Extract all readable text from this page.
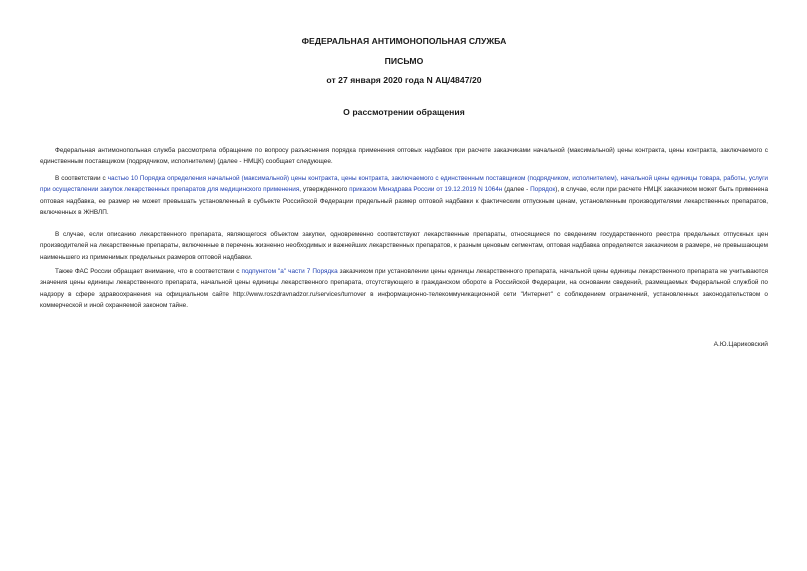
ФЕДЕРАЛЬНАЯ АНТИМОНОПОЛЬНАЯ СЛУЖБА
ПИСЬМО
от 27 января 2020 года N АЦ/4847/20
О рассмотрении обращения
Федеральная антимонопольная служба рассмотрела обращение по вопросу разъяснения порядка применения оптовых надбавок при расчете заказчиками начальной (максимальной) цены контракта, цены контракта, заключаемого с единственным поставщиком (подрядчиком, исполнителем) (далее - НМЦК) сообщает следующее.
В соответствии с частью 10 Порядка определения начальной (максимальной) цены контракта, цены контракта, заключаемого с единственным поставщиком (подрядчиком, исполнителем), начальной цены единицы товара, работы, услуги при осуществлении закупок лекарственных препаратов для медицинского применения, утвержденного приказом Минздрава России от 19.12.2019 N 1064н (далее - Порядок), в случае, если при расчете НМЦК заказчиком может быть применена оптовая надбавка, ее размер не может превышать установленный в субъекте Российской Федерации предельный размер оптовой надбавки к фактическим отпускным ценам, установленным производителями лекарственных препаратов, включенных в ЖНВЛП.
В случае, если описанию лекарственного препарата, являющегося объектом закупки, одновременно соответствуют лекарственные препараты, относящиеся по сведениям государственного реестра предельных отпускных цен производителей на лекарственные препараты, включенные в перечень жизненно необходимых и важнейших лекарственных препаратов, к разным ценовым сегментам, оптовая надбавка определяется заказчиком в размере, не превышающем наименьшего из применимых предельных размеров оптовой надбавки.
Также ФАС России обращает внимание, что в соответствии с подпунктом "а" части 7 Порядка заказчиком при установлении цены единицы лекарственного препарата, начальной цены единицы лекарственного препарата не учитываются значения цены единицы лекарственного препарата, начальной цены единицы лекарственного препарата, отсутствующего в гражданском обороте в Российской Федерации, на основании сведений, размещаемых Федеральной службой по надзору в сфере здравоохранения на официальном сайте http://www.roszdravnadzor.ru/services/turnover в информационно-телекоммуникационной сети "Интернет" с соблюдением ограничений, установленных законодательством о коммерческой и иной охраняемой законом тайне.
А.Ю.Цариковский
